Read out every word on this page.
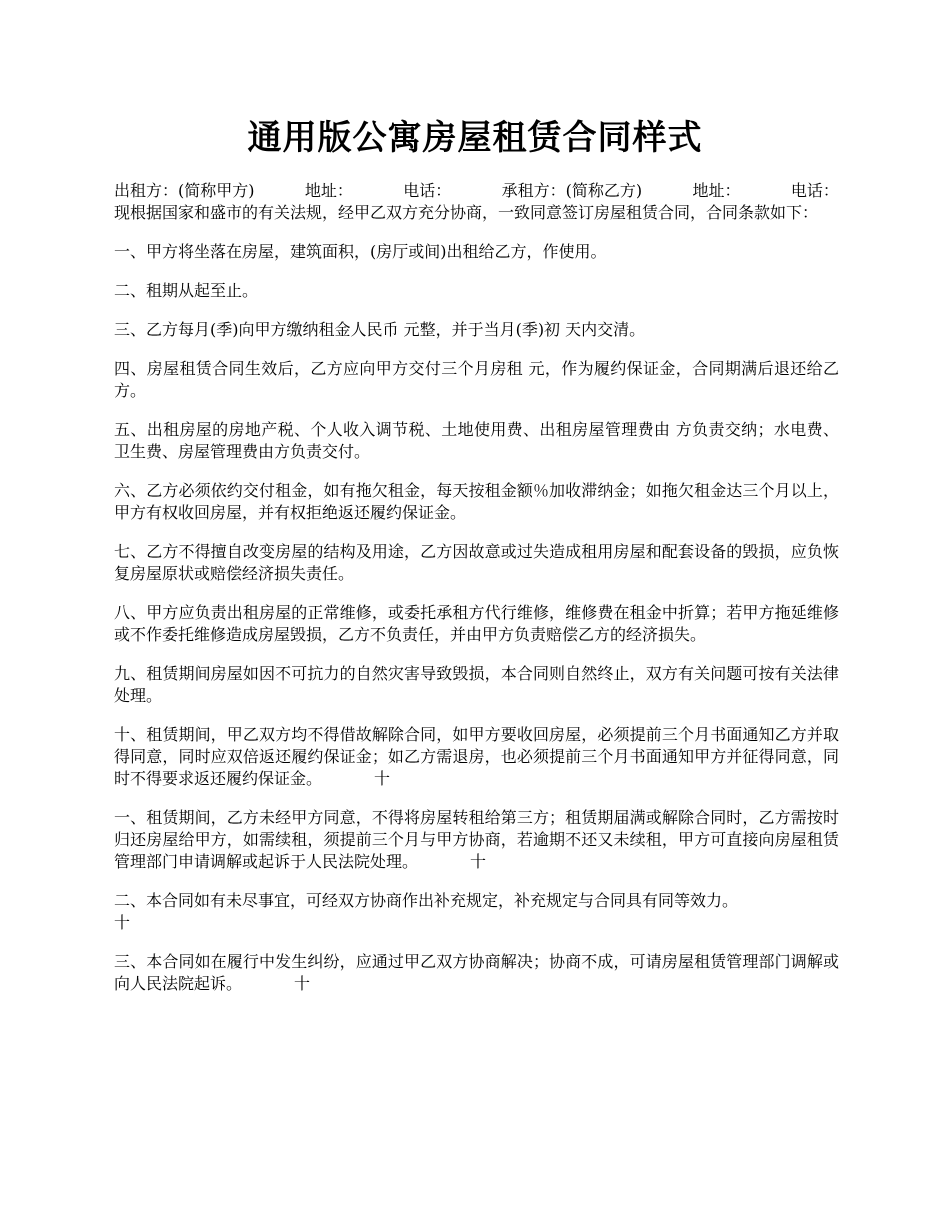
通用版公寓房屋租赁合同样式
出租方：(简称甲方)	地址：	电话：	承租方：(简称乙方)	地址：	电话：
现根据国家和盛市的有关法规，经甲乙双方充分协商，一致同意签订房屋租赁合同，合同条款如下：

一、甲方将坐落在房屋，建筑面积，(房厅或间)出租给乙方，作使用。

二、租期从起至止。

三、乙方每月(季)向甲方缴纳租金人民币 元整，并于当月(季)初 天内交清。

四、房屋租赁合同生效后，乙方应向甲方交付三个月房租 元，作为履约保证金，合同期满后退还给乙方。

五、出租房屋的房地产税、个人收入调节税、土地使用费、出租房屋管理费由 方负责交纳；水电费、卫生费、房屋管理费由方负责交付。

六、乙方必须依约交付租金，如有拖欠租金，每天按租金额％加收滞纳金；如拖欠租金达三个月以上，甲方有权收回房屋，并有权拒绝返还履约保证金。

七、乙方不得擅自改变房屋的结构及用途，乙方因故意或过失造成租用房屋和配套设备的毁损，应负恢复房屋原状或赔偿经济损失责任。

八、甲方应负责出租房屋的正常维修，或委托承租方代行维修，维修费在租金中折算；若甲方拖延维修或不作委托维修造成房屋毁损，乙方不负责任，并由甲方负责赔偿乙方的经济损失。

九、租赁期间房屋如因不可抗力的自然灾害导致毁损，本合同则自然终止，双方有关问题可按有关法律处理。

十、租赁期间，甲乙双方均不得借故解除合同，如甲方要收回房屋，必须提前三个月书面通知乙方并取得同意，同时应双倍返还履约保证金；如乙方需退房，也必须提前三个月书面通知甲方并征得同意，同时不得要求返还履约保证金。	十

一、租赁期间，乙方未经甲方同意，不得将房屋转租给第三方；租赁期届满或解除合同时，乙方需按时归还房屋给甲方，如需续租，须提前三个月与甲方协商，若逾期不还又未续租，甲方可直接向房屋租赁管理部门申请调解或起诉于人民法院处理。	十

二、本合同如有未尽事宜，可经双方协商作出补充规定，补充规定与合同具有同等效力。
十

三、本合同如在履行中发生纠纷，应通过甲乙双方协商解决；协商不成，可请房屋租赁管理部门调解或向人民法院起诉。	十
